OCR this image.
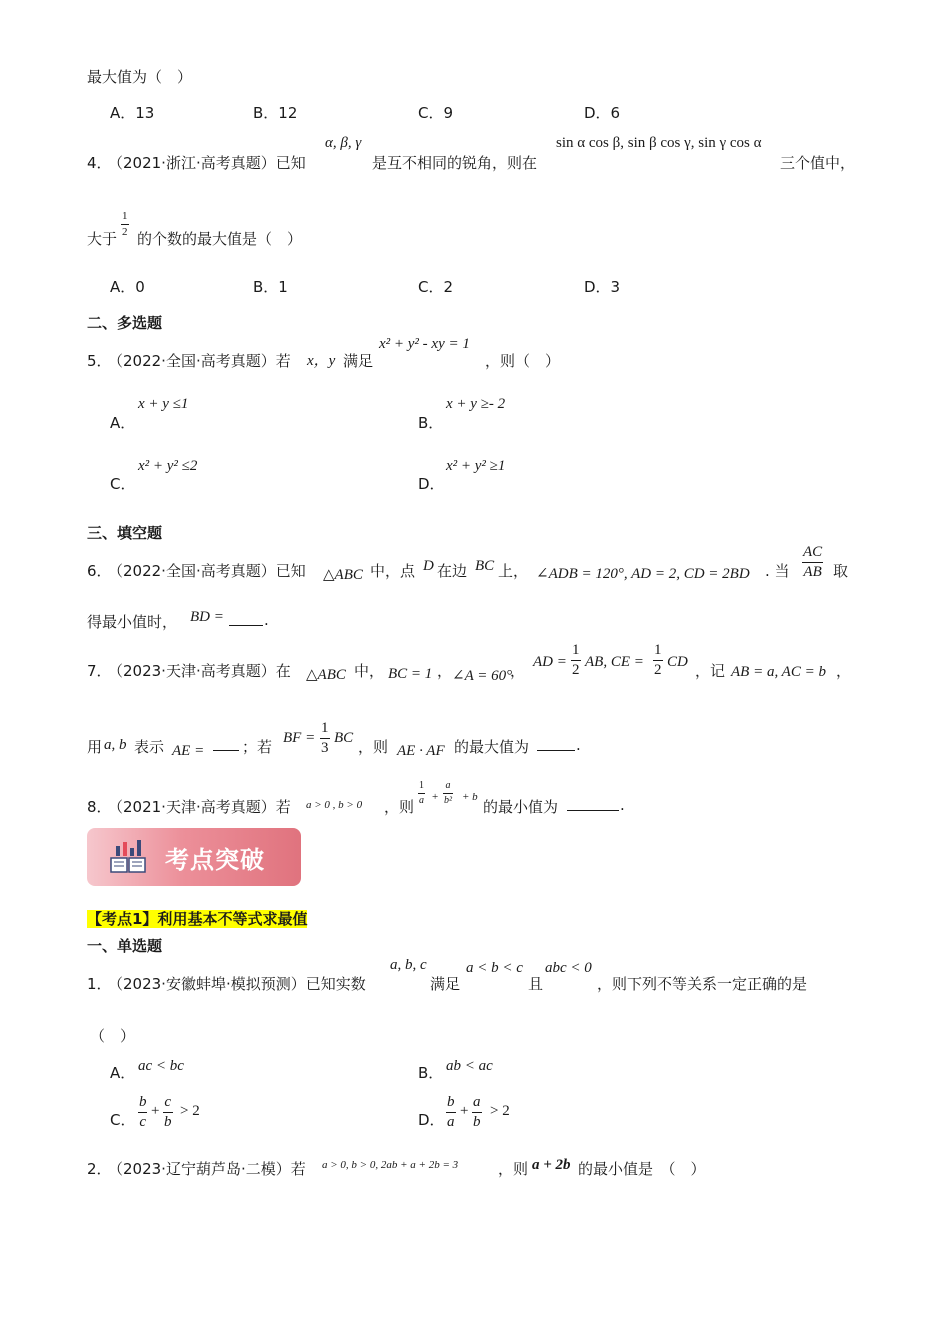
最大值为（　）
A．13	B．12	C．9	D．6
4．
（2021·浙江·高考真题）已知
α, β, γ
是互不相同的锐角，则在
sin α cos β, sin β cos γ, sin γ cos α
三个值中，
大于
$\frac{1}{2}$
的个数的最大值是（　）
A．0	B．1	C．2	D．3
二、多选题
5．
（2022·全国·高考真题）若 x，y 满足
x² + y² - xy = 1
，则（　）
A．
x + y ≤1
B．
x + y ≥- 2
C．
x² + y² ≤2
D．
x² + y² ≥1
三、填空题
6．
（2022·全国·高考真题）已知 △ABC 中，点 D 在边 BC 上， ∠ADB = 120°, AD = 2, CD = 2BD . 当 $\frac{AC}{AB}$ 取
得最小值时， BD =	.
7．
（2023·天津·高考真题）在 △ABC 中， BC = 1 ， ∠A = 60°
， AD = $\frac{1}{2}$ AB, CE = $\frac{1}{2}$ CD ，记 AB = a, AC = b ，
用 a, b 表示 AE =	；若 BF = $\frac{1}{3}$ BC ，则 AE · AF 的最大值为	.
8．
（2021·天津·高考真题）若 a > 0 , b > 0 ，则
$\frac{1}{a} + \frac{a}{\text{b²}} + b$
的最小值为	.
考点突破
【考点1】利用基本不等式求最值
一、单选题
1．
（2023·安徽蚌埠·模拟预测）已知实数
a, b, c
满足
a < b < c
且
abc < 0
，则下列不等关系一定正确的是
（　）
A． ac < bc	B． ab < ac
C． $\frac{b}{c} + \frac{c}{b} > 2$	D． $\frac{b}{a} + \frac{a}{b} > 2$
2．
（2023·辽宁葫芦岛·二模）若 a > 0, b > 0, 2ab + a + 2b = 3	，则 a + 2b 的最小值是　（　）
